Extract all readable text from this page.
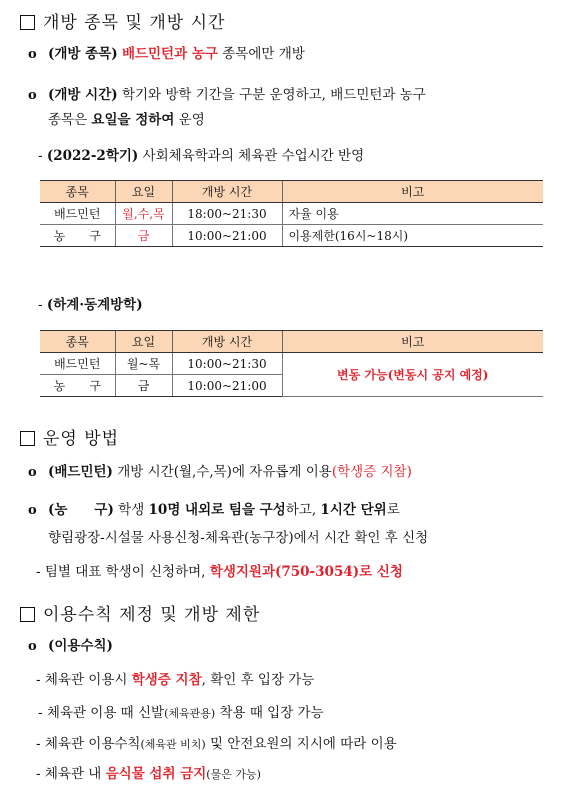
개방 종목 및 개방 시간
o (개방 종목) 배드민턴과 농구 종목에만 개방
o (개방 시간) 학기와 방학 기간을 구분 운영하고, 배드민턴과 농구
종목은 요일을 정하여 운영
- (2022-2학기) 사회체육학과의 체육관 수업시간 반영
종목	요일	개방 시간	비고
배드민턴	월,수,목	18:00~21:30	자율 이용
농　　구	금	10:00~21:00	이용제한(16시~18시)
- (하계·동계방학)
종목	요일	개방 시간	비고
배드민턴	월~목	10:00~21:30	변동 가능(변동시 공지 예정)
농　　구	금	10:00~21:00	
운영 방법
o (배드민턴) 개방 시간(월,수,목)에 자유롭게 이용(학생증 지참)
o (농　　구) 학생 10명 내외로 팀을 구성하고, 1시간 단위로
향림광장-시설물 사용신청-체육관(농구장)에서 시간 확인 후 신청
- 팀별 대표 학생이 신청하며, 학생지원과(750-3054)로 신청
이용수칙 제정 및 개방 제한
o (이용수칙)
- 체육관 이용시 학생증 지참, 확인 후 입장 가능
- 체육관 이용 때 신발(체육관용) 착용 때 입장 가능
- 체육관 이용수칙(체육관 비치) 및 안전요원의 지시에 따라 이용
- 체육관 내 음식물 섭취 금지(물은 가능)
